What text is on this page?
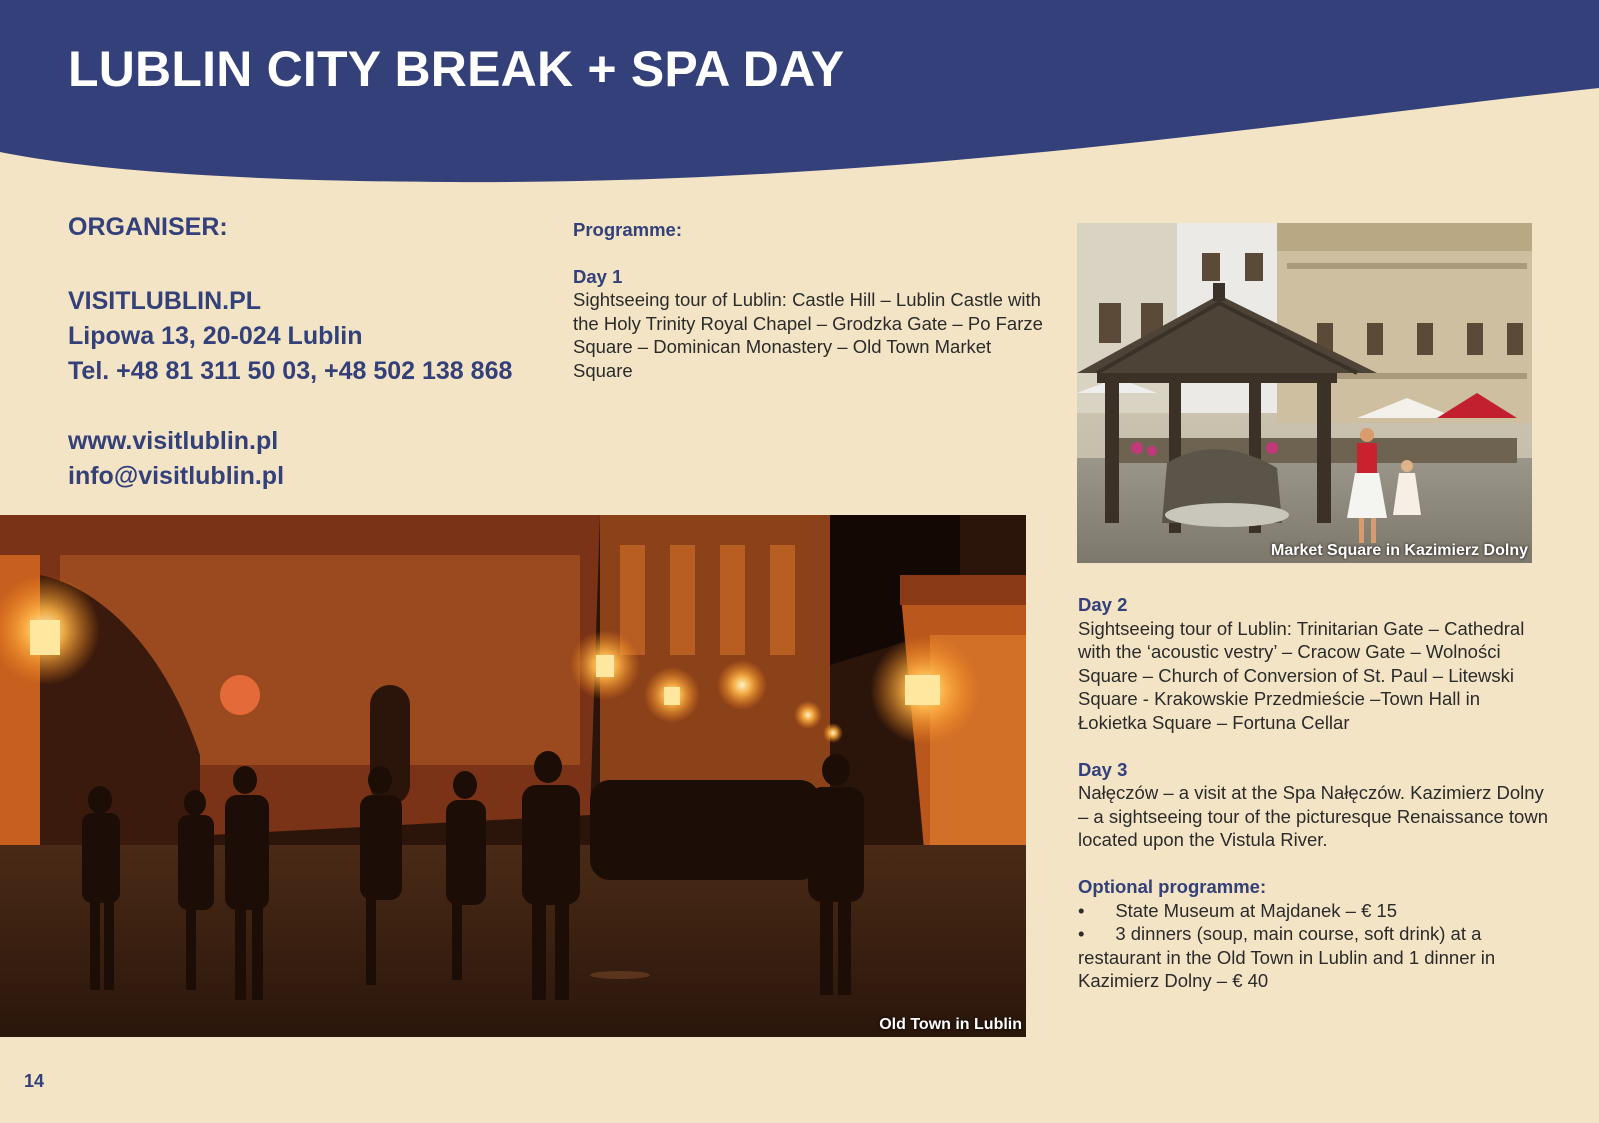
LUBLIN CITY BREAK + SPA DAY
ORGANISER:
VISITLUBLIN.PL
Lipowa 13, 20-024 Lublin
Tel. +48 81 311 50 03, +48 502 138 868
www.visitlublin.pl
info@visitlublin.pl
Programme:
Day 1
Sightseeing tour of Lublin: Castle Hill – Lublin Castle with the Holy Trinity Royal Chapel – Grodzka Gate – Po Farze Square – Dominican Monastery – Old Town Market Square
Market Square in Kazimierz Dolny
Day 2
Sightseeing tour of Lublin: Trinitarian Gate – Cathedral with the ‘acoustic vestry’ – Cracow Gate – Wolności Square – Church of Conversion of St. Paul – Litewski Square - Krakowskie Przedmieście –Town Hall in Łokietka Square – Fortuna Cellar
Day 3
Nałęczów – a visit at the Spa Nałęczów. Kazimierz Dolny – a sightseeing tour of the picturesque Renaissance town located upon the Vistula River.
Optional programme:
•      State Museum at Majdanek – € 15
•      3 dinners (soup, main course, soft drink) at a restaurant in the Old Town in Lublin and 1 dinner in Kazimierz Dolny – € 40
Old Town in Lublin
14
